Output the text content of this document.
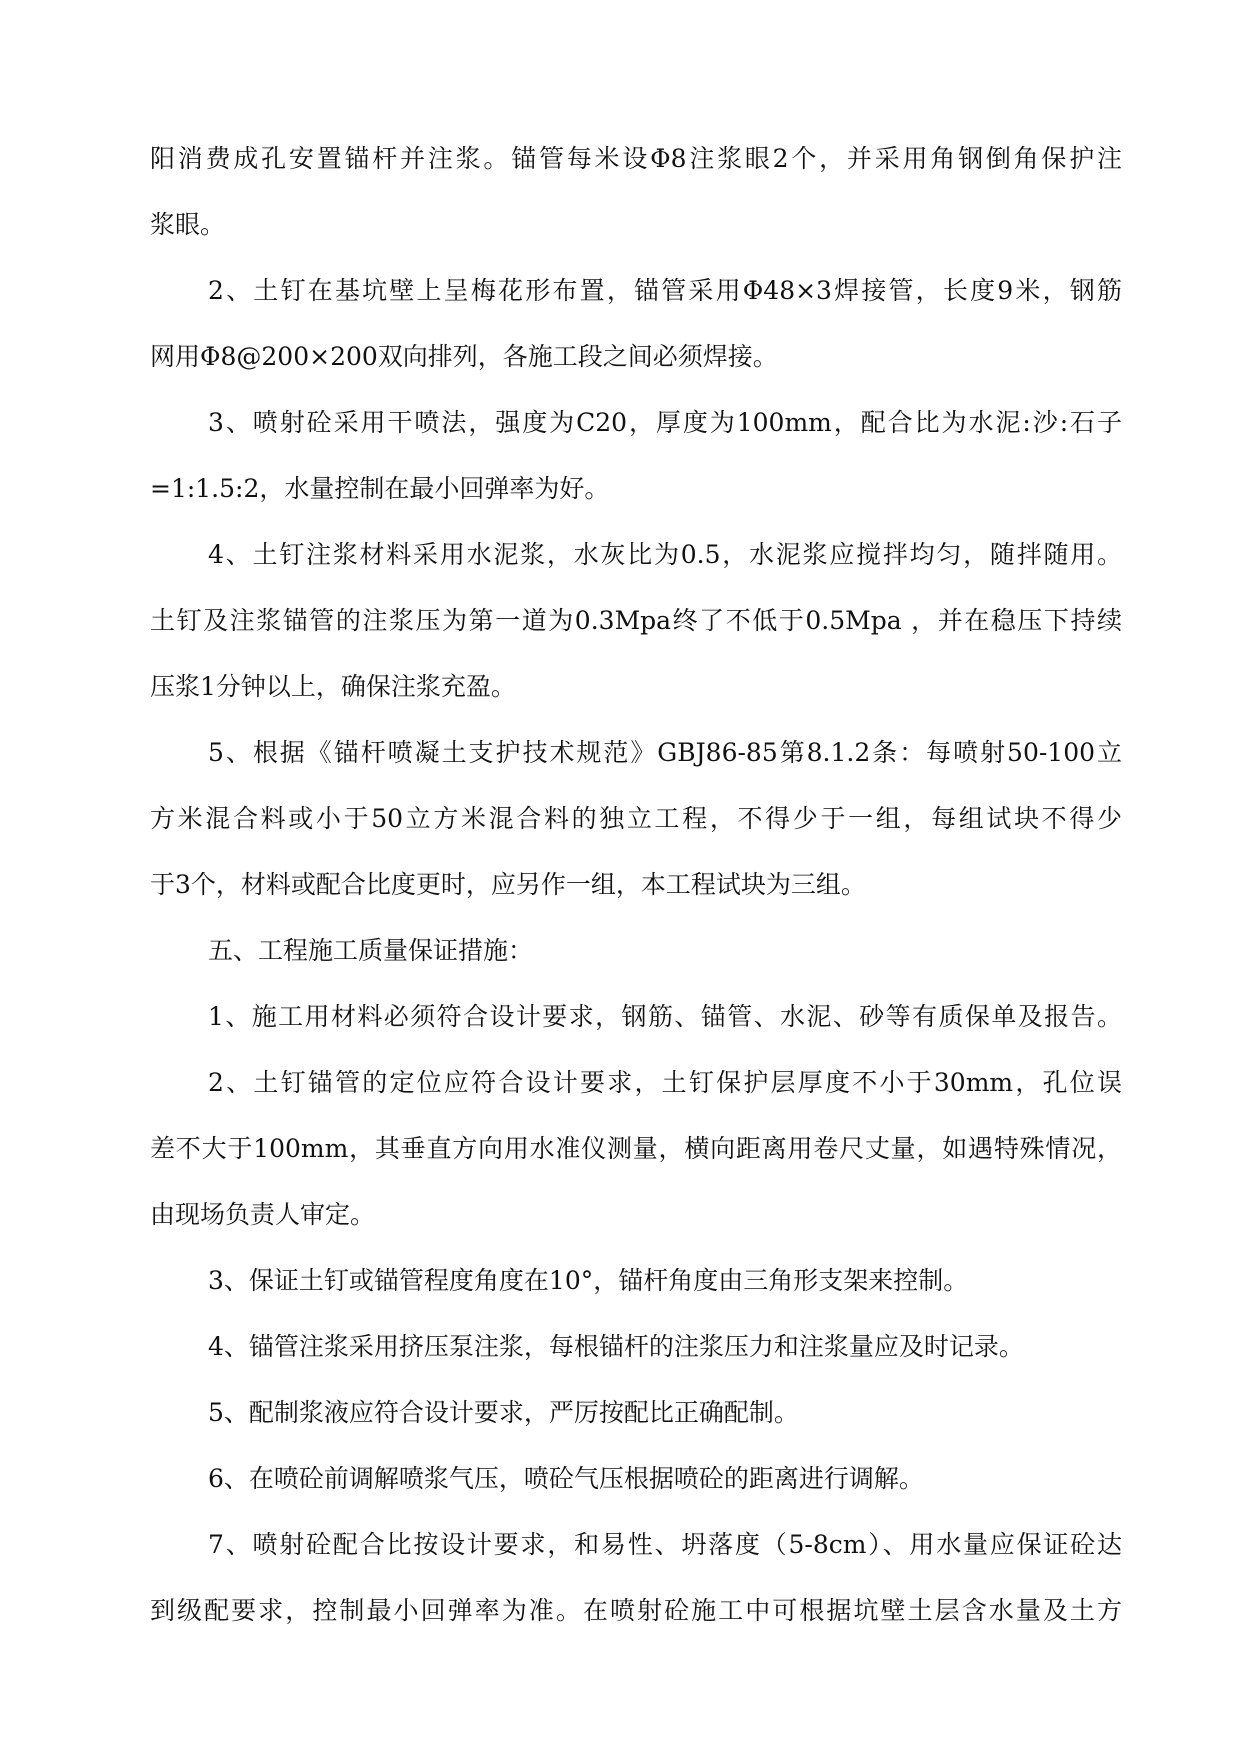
阳消费成孔安置锚杆并注浆。锚管每米设Φ8注浆眼2个，并采用角钢倒角保护注
浆眼。
2、土钉在基坑壁上呈梅花形布置，锚管采用Φ48×3焊接管，长度9米，钢筋
网用Φ8@200×200双向排列，各施工段之间必须焊接。
3、喷射砼采用干喷法，强度为C20，厚度为100mm，配合比为水泥:沙:石子
=1:1.5:2，水量控制在最小回弹率为好。
4、土钉注浆材料采用水泥浆，水灰比为0.5，水泥浆应搅拌均匀，随拌随用。
土钉及注浆锚管的注浆压为第一道为0.3Mpa终了不低于0.5Mpa ，并在稳压下持续
压浆1分钟以上，确保注浆充盈。
5、根据《锚杆喷凝土支护技术规范》GBJ86-85第8.1.2条：每喷射50-100立
方米混合料或小于50立方米混合料的独立工程，不得少于一组，每组试块不得少
于3个，材料或配合比度更时，应另作一组，本工程试块为三组。
五、工程施工质量保证措施：
1、施工用材料必须符合设计要求，钢筋、锚管、水泥、砂等有质保单及报告。
2、土钉锚管的定位应符合设计要求，土钉保护层厚度不小于30mm，孔位误
差不大于100mm，其垂直方向用水准仪测量，横向距离用卷尺丈量，如遇特殊情况，
由现场负责人审定。
3、保证土钉或锚管程度角度在10°，锚杆角度由三角形支架来控制。
4、锚管注浆采用挤压泵注浆，每根锚杆的注浆压力和注浆量应及时记录。
5、配制浆液应符合设计要求，严厉按配比正确配制。
6、在喷砼前调解喷浆气压，喷砼气压根据喷砼的距离进行调解。
7、喷射砼配合比按设计要求，和易性、坍落度（5-8cm）、用水量应保证砼达
到级配要求，控制最小回弹率为准。在喷射砼施工中可根据坑壁土层含水量及土方
